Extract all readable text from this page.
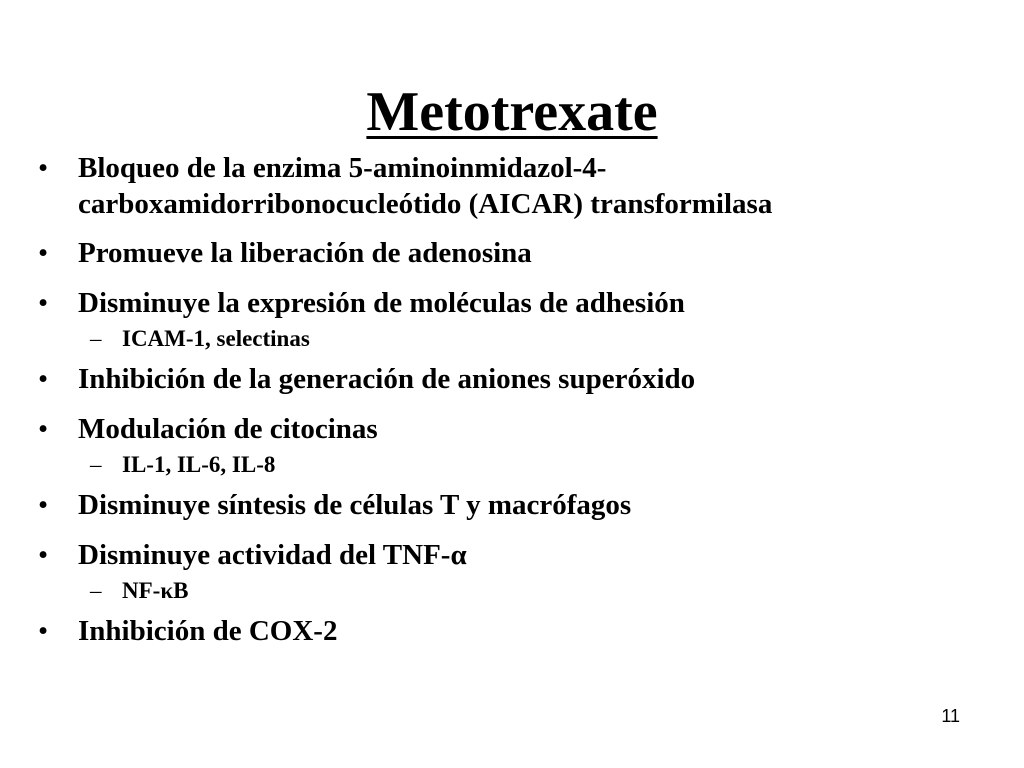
Metotrexate
• Bloqueo de la enzima 5-aminoinmidazol-4-carboxamidorribonocucleótido (AICAR) transformilasa
• Promueve la liberación de adenosina
• Disminuye la expresión de moléculas de adhesión
– ICAM-1, selectinas
• Inhibición de la generación de aniones superóxido
• Modulación de citocinas
– IL-1, IL-6, IL-8
• Disminuye síntesis de células T y macrófagos
• Disminuye actividad del TNF-α
– NF-κB
• Inhibición de COX-2
11
